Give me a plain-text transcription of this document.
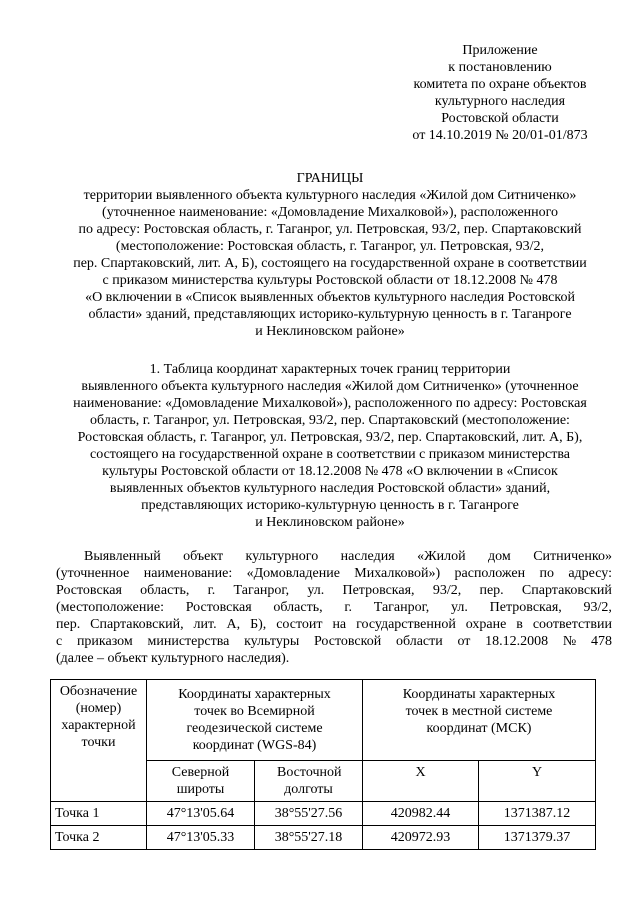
Приложение
к постановлению
комитета по охране объектов
культурного наследия
Ростовской области
от 14.10.2019 № 20/01-01/873
ГРАНИЦЫ
территории выявленного объекта культурного наследия «Жилой дом Ситниченко»
(уточненное наименование: «Домовладение Михалковой»), расположенного
по адресу: Ростовская область, г. Таганрог, ул. Петровская, 93/2, пер. Спартаковский
(местоположение: Ростовская область, г. Таганрог, ул. Петровская, 93/2,
пер. Спартаковский, лит. А, Б), состоящего на государственной охране в соответствии
с приказом министерства культуры Ростовской области от 18.12.2008 № 478
«О включении в «Список выявленных объектов культурного наследия Ростовской
области» зданий, представляющих историко-культурную ценность в г. Таганроге
и Неклиновском районе»
1. Таблица координат характерных точек границ территории
выявленного объекта культурного наследия «Жилой дом Ситниченко» (уточненное
наименование: «Домовладение Михалковой»), расположенного по адресу: Ростовская
область, г. Таганрог, ул. Петровская, 93/2, пер. Спартаковский (местоположение:
Ростовская область, г. Таганрог, ул. Петровская, 93/2, пер. Спартаковский, лит. А, Б),
состоящего на государственной охране в соответствии с приказом министерства
культуры Ростовской области от 18.12.2008 № 478 «О включении в «Список
выявленных объектов культурного наследия Ростовской области» зданий,
представляющих историко-культурную ценность в г. Таганроге
и Неклиновском районе»
Выявленный объект культурного наследия «Жилой дом Ситниченко»
(уточненное наименование: «Домовладение Михалковой») расположен по адресу:
Ростовская область, г. Таганрог, ул. Петровская, 93/2, пер. Спартаковский
(местоположение: Ростовская область, г. Таганрог, ул. Петровская, 93/2,
пер. Спартаковский, лит. А, Б), состоит на государственной охране в соответствии
с приказом министерства культуры Ростовской области от 18.12.2008 № 478
(далее – объект культурного наследия).
Обозначение (номер) характерной точки	Координаты характерных точек во Всемирной геодезической системе координат (WGS-84)		Координаты характерных точек в местной системе координат (МСК)	
	Северной широты	Восточной долготы	X	Y
Точка 1	47°13'05.64	38°55'27.56	420982.44	1371387.12
Точка 2	47°13'05.33	38°55'27.18	420972.93	1371379.37
